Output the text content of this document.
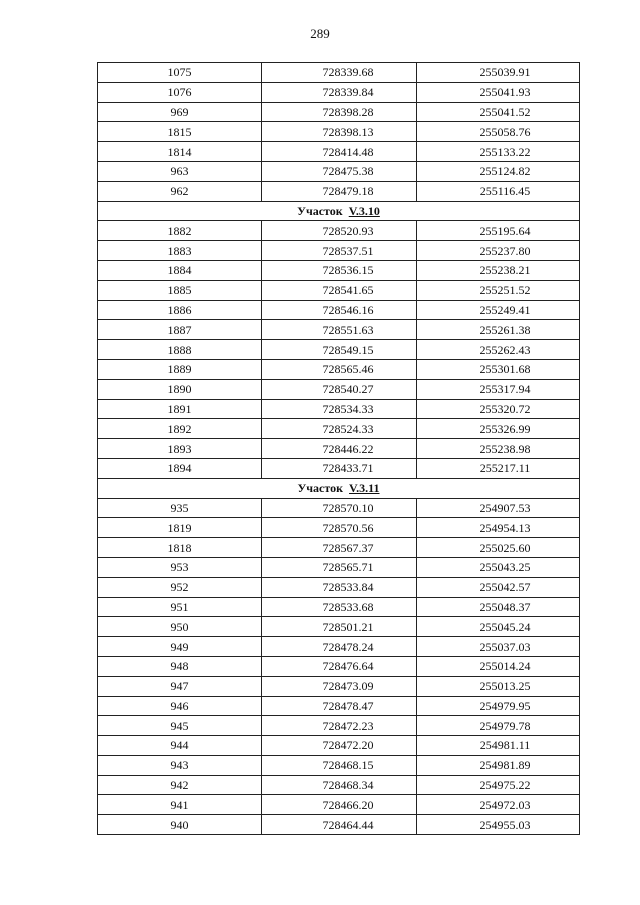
289
1075	728339.68	255039.91
1076	728339.84	255041.93
969	728398.28	255041.52
1815	728398.13	255058.76
1814	728414.48	255133.22
963	728475.38	255124.82
962	728479.18	255116.45
Участок V.3.10		
1882	728520.93	255195.64
1883	728537.51	255237.80
1884	728536.15	255238.21
1885	728541.65	255251.52
1886	728546.16	255249.41
1887	728551.63	255261.38
1888	728549.15	255262.43
1889	728565.46	255301.68
1890	728540.27	255317.94
1891	728534.33	255320.72
1892	728524.33	255326.99
1893	728446.22	255238.98
1894	728433.71	255217.11
Участок V.3.11		
935	728570.10	254907.53
1819	728570.56	254954.13
1818	728567.37	255025.60
953	728565.71	255043.25
952	728533.84	255042.57
951	728533.68	255048.37
950	728501.21	255045.24
949	728478.24	255037.03
948	728476.64	255014.24
947	728473.09	255013.25
946	728478.47	254979.95
945	728472.23	254979.78
944	728472.20	254981.11
943	728468.15	254981.89
942	728468.34	254975.22
941	728466.20	254972.03
940	728464.44	254955.03
